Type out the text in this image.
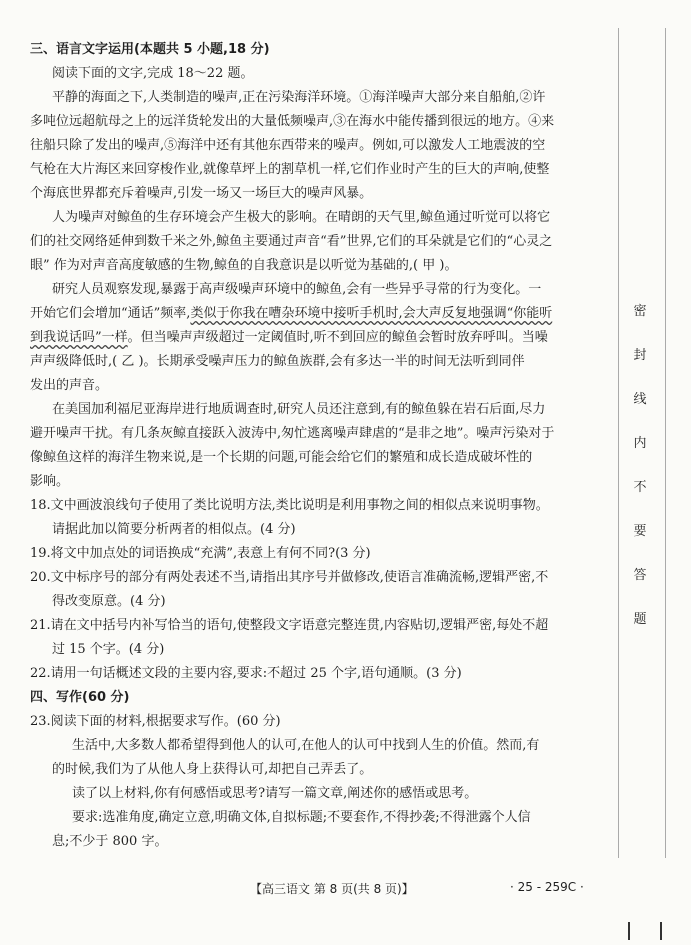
三、语言文字运用(本题共 5 小题,18 分)

阅读下面的文字,完成 18～22 题。

平静的海面之下,人类制造的噪声,正在污染海洋环境。①海洋噪声大部分来自船舶,②许

多吨位远超航母之上的远洋货轮发出的大量低频噪声,③在海水中能传播到很远的地方。④来

往船只除了发出的噪声,⑤海洋中还有其他东西带来的噪声。例如,可以激发人工地震波的空

气枪在大片海区来回穿梭作业,就像草坪上的割草机一样,它们作业时产生的巨大的声响,使整

个海底世界都充斥着噪声,引发一场又一场巨大的噪声风暴。

人为噪声对鲸鱼的生存环境会产生极大的影响。在晴朗的天气里,鲸鱼通过听觉可以将它

们的社交网络延伸到数千米之外,鲸鱼主要通过声音“看”世界,它们的耳朵就是它们的“心灵之

眼” 作为对声音高度敏感的生物,鲸鱼的自我意识是以听觉为基础的,( 甲 )。

研究人员观察发现,暴露于高声级噪声环境中的鲸鱼,会有一些异乎寻常的行为变化。一

开始它们会增加“通话”频率,类似于你我在嘈杂环境中接听手机时,会大声反复地强调“你能听

到我说话吗”一样。但当噪声声级超过一定阈值时,听不到回应的鲸鱼会暂时放弃呼叫。当噪

声声级降低时,( 乙 )。长期承受噪声压力的鲸鱼族群,会有多达一半的时间无法听到同伴

发出的声音。

在美国加利福尼亚海岸进行地质调查时,研究人员还注意到,有的鲸鱼躲在岩石后面,尽力

避开噪声干扰。有几条灰鲸直接跃入波涛中,匆忙逃离噪声肆虐的“是非之地”。噪声污染对于

像鲸鱼这样的海洋生物来说,是一个长期的问题,可能会给它们的繁殖和成长造成破坏性的

影响。

18.文中画波浪线句子使用了类比说明方法,类比说明是利用事物之间的相似点来说明事物。

请据此加以简要分析两者的相似点。(4 分)

19.将文中加点处的词语换成“充满”,表意上有何不同?(3 分)

20.文中标序号的部分有两处表述不当,请指出其序号并做修改,使语言准确流畅,逻辑严密,不

得改变原意。(4 分)

21.请在文中括号内补写恰当的语句,使整段文字语意完整连贯,内容贴切,逻辑严密,每处不超

过 15 个字。(4 分)

22.请用一句话概述文段的主要内容,要求:不超过 25 个字,语句通顺。(3 分)

四、写作(60 分)

23.阅读下面的材料,根据要求写作。(60 分)

生活中,大多数人都希望得到他人的认可,在他人的认可中找到人生的价值。然而,有

的时候,我们为了从他人身上获得认可,却把自己弄丢了。

读了以上材料,你有何感悟或思考?请写一篇文章,阐述你的感悟或思考。

要求:选准角度,确定立意,明确文体,自拟标题;不要套作,不得抄袭;不得泄露个人信

息;不少于 800 字。

密
封
线
内
不
要
答
题
【高三语文 第 8 页(共 8 页)】	· 25 - 259C ·
